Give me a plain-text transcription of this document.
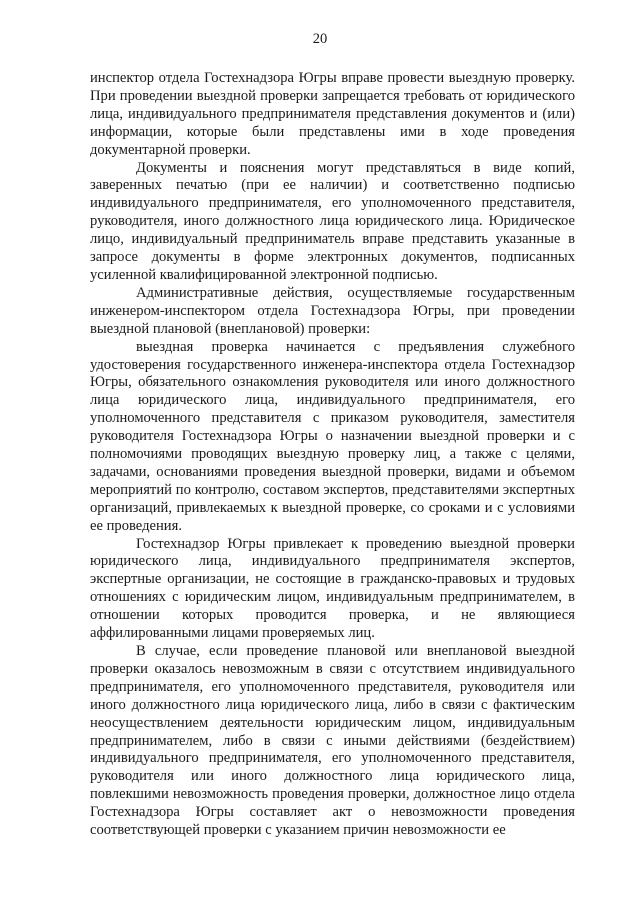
20

инспектор отдела Гостехнадзора Югры вправе провести выездную проверку. При проведении выездной проверки запрещается требовать от юридического лица, индивидуального предпринимателя представления документов и (или) информации, которые были представлены ими в ходе проведения документарной проверки.

Документы и пояснения могут представляться в виде копий, заверенных печатью (при ее наличии) и соответственно подписью индивидуального предпринимателя, его уполномоченного представителя, руководителя, иного должностного лица юридического лица. Юридическое лицо, индивидуальный предприниматель вправе представить указанные в запросе документы в форме электронных документов, подписанных усиленной квалифицированной электронной подписью.

Административные действия, осуществляемые государственным инженером-инспектором отдела Гостехнадзора Югры, при проведении выездной плановой (внеплановой) проверки:

выездная проверка начинается с предъявления служебного удостоверения государственного инженера-инспектора отдела Гостехнадзор Югры, обязательного ознакомления руководителя или иного должностного лица юридического лица, индивидуального предпринимателя, его уполномоченного представителя с приказом руководителя, заместителя руководителя Гостехнадзора Югры о назначении выездной проверки и с полномочиями проводящих выездную проверку лиц, а также с целями, задачами, основаниями проведения выездной проверки, видами и объемом мероприятий по контролю, составом экспертов, представителями экспертных организаций, привлекаемых к выездной проверке, со сроками и с условиями ее проведения.

Гостехнадзор Югры привлекает к проведению выездной проверки юридического лица, индивидуального предпринимателя экспертов, экспертные организации, не состоящие в гражданско-правовых и трудовых отношениях с юридическим лицом, индивидуальным предпринимателем, в отношении которых проводится проверка, и не являющиеся аффилированными лицами проверяемых лиц.

В случае, если проведение плановой или внеплановой выездной проверки оказалось невозможным в связи с отсутствием индивидуального предпринимателя, его уполномоченного представителя, руководителя или иного должностного лица юридического лица, либо в связи с фактическим неосуществлением деятельности юридическим лицом, индивидуальным предпринимателем, либо в связи с иными действиями (бездействием) индивидуального предпринимателя, его уполномоченного представителя, руководителя или иного должностного лица юридического лица, повлекшими невозможность проведения проверки, должностное лицо отдела Гостехнадзора Югры составляет акт о невозможности проведения соответствующей проверки с указанием причин невозможности ее
